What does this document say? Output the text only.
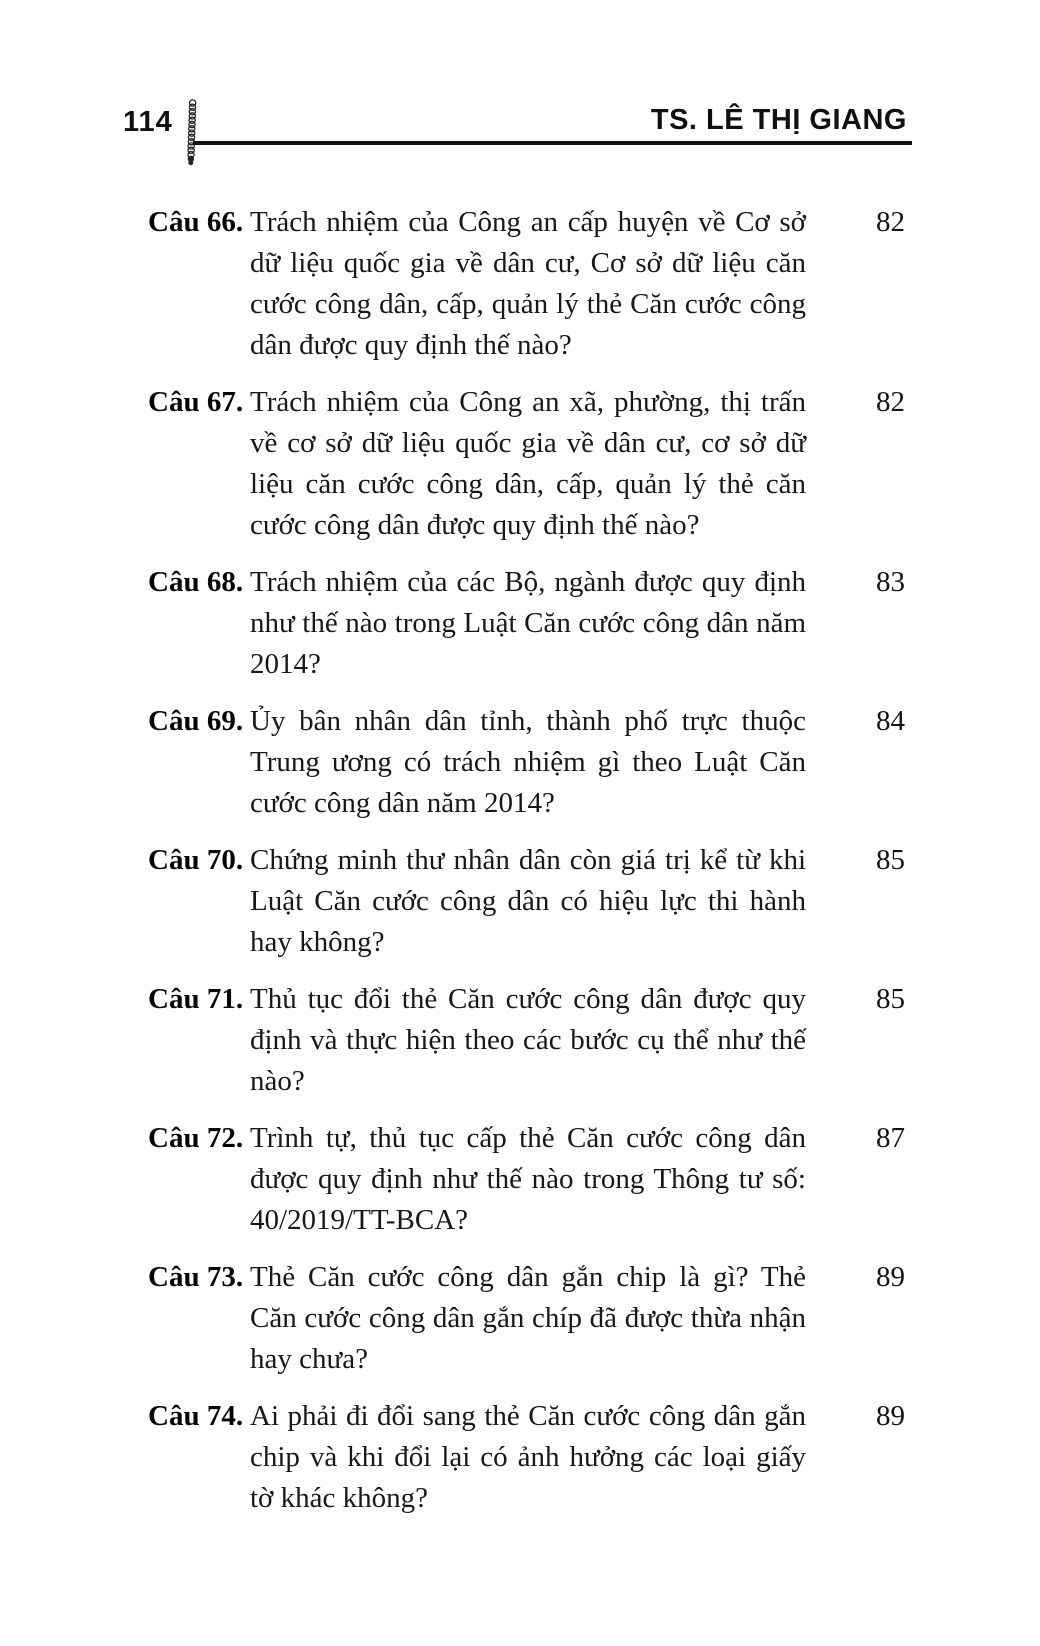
114	TS. LÊ THỊ GIANG
Câu 66. Trách nhiệm của Công an cấp huyện về Cơ sở dữ liệu quốc gia về dân cư, Cơ sở dữ liệu căn cước công dân, cấp, quản lý thẻ Căn cước công dân được quy định thế nào?
82
Câu 67. Trách nhiệm của Công an xã, phường, thị trấn về cơ sở dữ liệu quốc gia về dân cư, cơ sở dữ liệu căn cước công dân, cấp, quản lý thẻ căn cước công dân được quy định thế nào?
82
Câu 68. Trách nhiệm của các Bộ, ngành được quy định như thế nào trong Luật Căn cước công dân năm 2014?
83
Câu 69. Ủy bân nhân dân tỉnh, thành phố trực thuộc Trung ương có trách nhiệm gì theo Luật Căn cước công dân năm 2014?
84
Câu 70. Chứng minh thư nhân dân còn giá trị kể từ khi Luật Căn cước công dân có hiệu lực thi hành hay không?
85
Câu 71. Thủ tục đổi thẻ Căn cước công dân được quy định và thực hiện theo các bước cụ thể như thế nào?
85
Câu 72. Trình tự, thủ tục cấp thẻ Căn cước công dân được quy định như thế nào trong Thông tư số: 40/2019/TT-BCA?
87
Câu 73. Thẻ Căn cước công dân gắn chip là gì? Thẻ Căn cước công dân gắn chíp đã được thừa nhận hay chưa?
89
Câu 74. Ai phải đi đổi sang thẻ Căn cước công dân gắn chip và khi đổi lại có ảnh hưởng các loại giấy tờ khác không?
89
